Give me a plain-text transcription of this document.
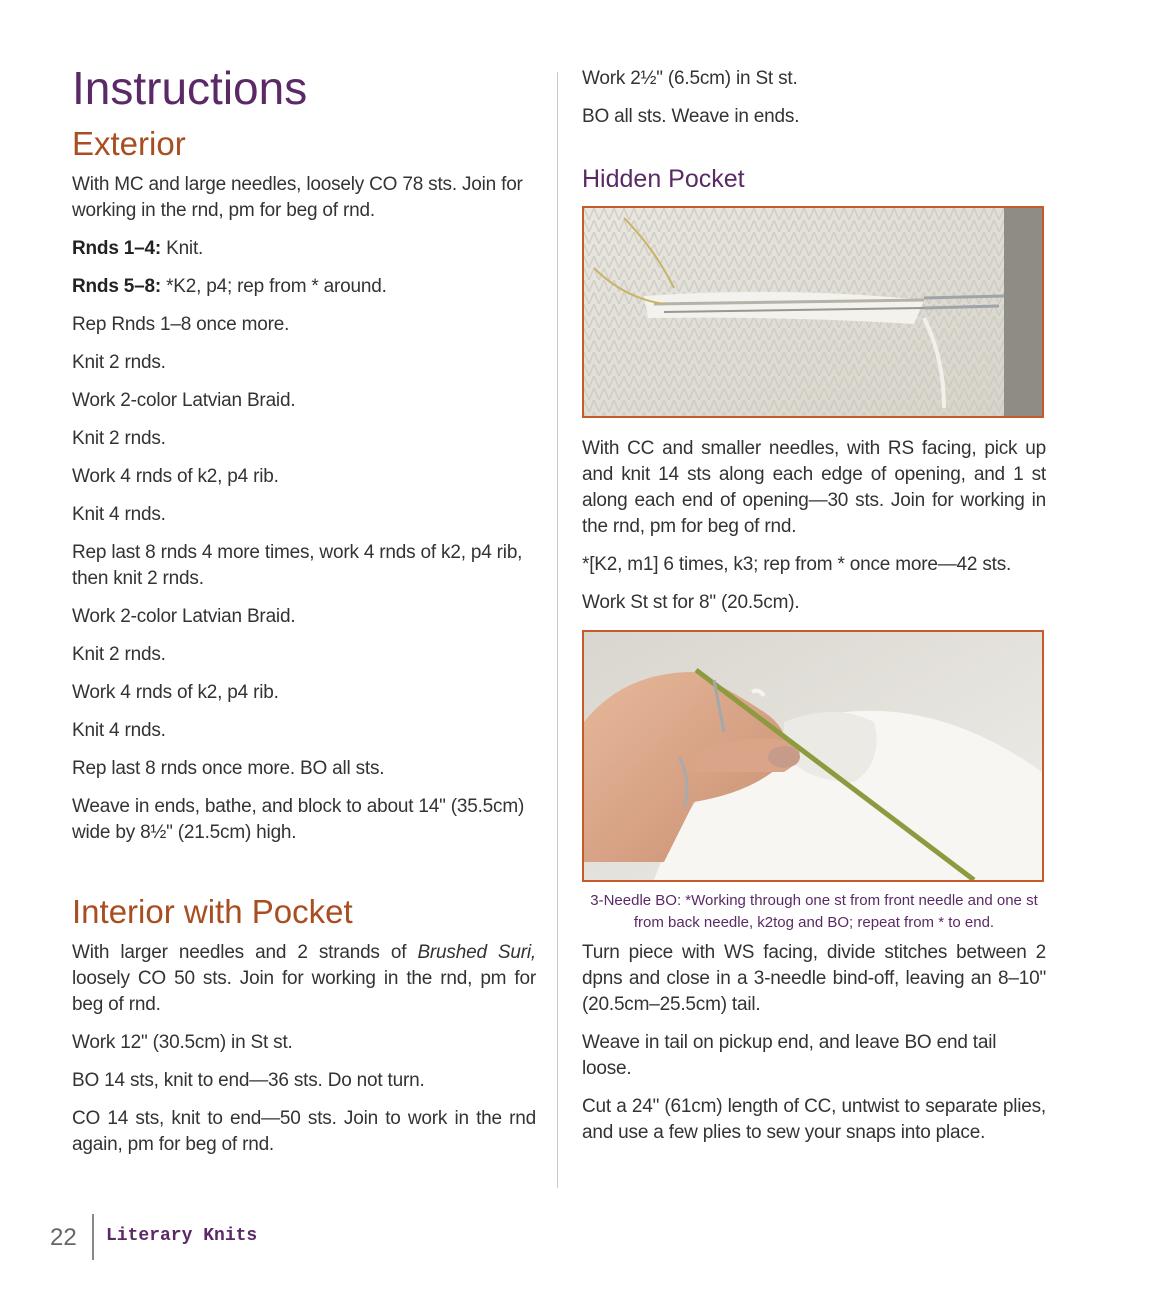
Instructions
Exterior

With MC and large needles, loosely CO 78 sts. Join for working in the rnd, pm for beg of rnd.

Rnds 1–4: Knit.

Rnds 5–8: *K2, p4; rep from * around.

Rep Rnds 1–8 once more.

Knit 2 rnds.

Work 2-color Latvian Braid.

Knit 2 rnds.

Work 4 rnds of k2, p4 rib.

Knit 4 rnds.

Rep last 8 rnds 4 more times, work 4 rnds of k2, p4 rib, then knit 2 rnds.

Work 2-color Latvian Braid.

Knit 2 rnds.

Work 4 rnds of k2, p4 rib.

Knit 4 rnds.

Rep last 8 rnds once more. BO all sts.

Weave in ends, bathe, and block to about 14" (35.5cm) wide by 8½" (21.5cm) high.

Interior with Pocket

With larger needles and 2 strands of Brushed Suri, loosely CO 50 sts. Join for working in the rnd, pm for beg of rnd.

Work 12" (30.5cm) in St st.

BO 14 sts, knit to end—36 sts. Do not turn.

CO 14 sts, knit to end—50 sts. Join to work in the rnd again, pm for beg of rnd.

Work 2½" (6.5cm) in St st.

BO all sts. Weave in ends.

Hidden Pocket

With CC and smaller needles, with RS facing, pick up and knit 14 sts along each edge of opening, and 1 st along each end of opening—30 sts. Join for working in the rnd, pm for beg of rnd.

*[K2, m1] 6 times, k3; rep from * once more—42 sts.

Work St st for 8" (20.5cm).

3-Needle BO: *Working through one st from front needle and one st from back needle, k2tog and BO; repeat from * to end.

Turn piece with WS facing, divide stitches between 2 dpns and close in a 3-needle bind-off, leaving an 8–10" (20.5cm–25.5cm) tail.

Weave in tail on pickup end, and leave BO end tail loose.

Cut a 24" (61cm) length of CC, untwist to separate plies, and use a few plies to sew your snaps into place.

22 Literary Knits
